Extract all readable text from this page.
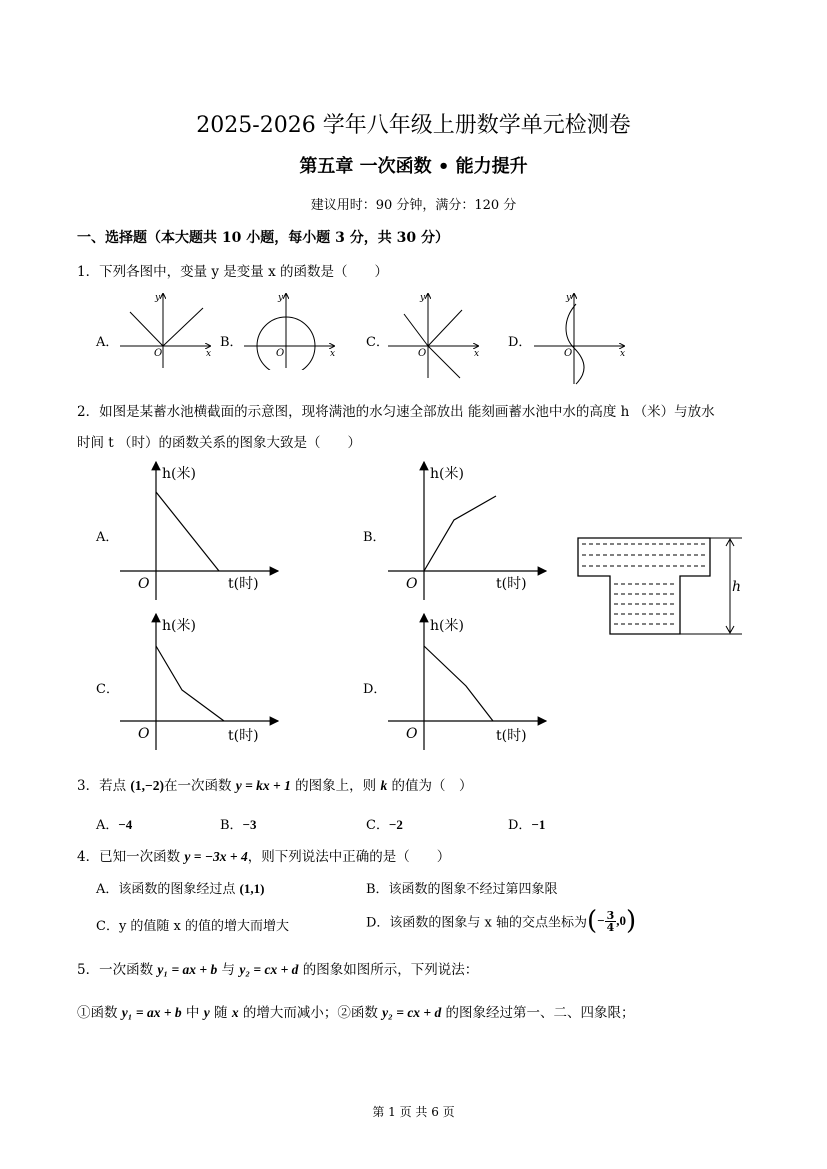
2025-2026 学年八年级上册数学单元检测卷
第五章 一次函数 • 能力提升
建议用时：90 分钟，满分：120 分
一、选择题（本大题共 10 小题，每小题 3 分，共 30 分）
1．下列各图中，变量 y 是变量 x 的函数是（　　）
A．	B．	C．	D．
y
x
O
y
x
O
y
x
O
y
x
O
2．如图是某蓄水池横截面的示意图，现将满池的水匀速全部放出 能刻画蓄水池中水的高度 h （米）与放水
时间 t （时）的函数关系的图象大致是（　　）
A．	B．
C．	D．
h(米)
t(时)
O
h(米)
t(时)
O
h(米)
t(时)
O
h(米)
t(时)
O
h
3．若点 (1,−2)在一次函数 y = kx + 1 的图象上，则 k 的值为（　）
A．−4	B．−3	C．−2	D．−1
4．已知一次函数 y = −3x + 4，则下列说法中正确的是（　　）
A．该函数的图象经过点 (1,1)	B．该函数的图象不经过第四象限
C．y 的值随 x 的值的增大而增大	D．该函数的图象与 x 轴的交点坐标为(− $\frac{3}{4} ,0$)
5．一次函数 y₁ = ax + b 与 y₂ = cx + d 的图象如图所示，下列说法：
①函数 y₁ = ax + b 中 y 随 x 的增大而减小；②函数 y₂ = cx + d 的图象经过第一、二、四象限；
第 1 页 共 6 页
